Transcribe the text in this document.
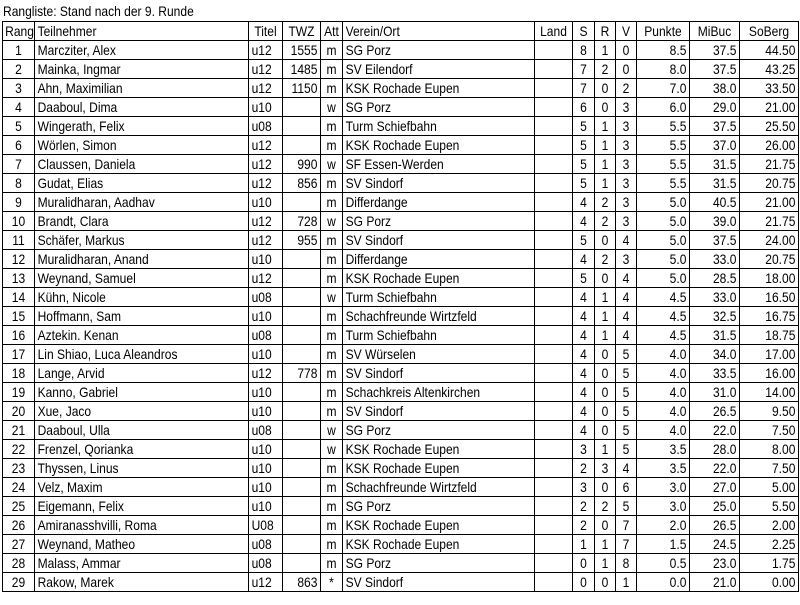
Rangliste: Stand nach der 9. Runde
Rang	Teilnehmer	Titel	TWZ	Att	Verein/Ort	Land	S	R	V	Punkte	MiBuc	SoBerg

1	Marcziter, Alex	u12	1555	m	SG Porz		8	1	0	8.5	37.5	44.50

2	Mainka, Ingmar	u12	1485	m	SV Eilendorf		7	2	0	8.0	37.5	43.25

3	Ahn, Maximilian	u12	1150	m	KSK Rochade Eupen		7	0	2	7.0	38.0	33.50

4	Daaboul, Dima	u10		w	SG Porz		6	0	3	6.0	29.0	21.00

5	Wingerath, Felix	u08		m	Turm Schiefbahn		5	1	3	5.5	37.5	25.50

6	Wörlen, Simon	u12		m	KSK Rochade Eupen		5	1	3	5.5	37.0	26.00

7	Claussen, Daniela	u12	990	w	SF Essen-Werden		5	1	3	5.5	31.5	21.75

8	Gudat, Elias	u12	856	m	SV Sindorf		5	1	3	5.5	31.5	20.75

9	Muralidharan, Aadhav	u10		m	Differdange		4	2	3	5.0	40.5	21.00

10	Brandt, Clara	u12	728	w	SG Porz		4	2	3	5.0	39.0	21.75

11	Schäfer, Markus	u12	955	m	SV Sindorf		5	0	4	5.0	37.5	24.00

12	Muralidharan, Anand	u10		m	Differdange		4	2	3	5.0	33.0	20.75

13	Weynand, Samuel	u12		m	KSK Rochade Eupen		5	0	4	5.0	28.5	18.00

14	Kühn, Nicole	u08		w	Turm Schiefbahn		4	1	4	4.5	33.0	16.50

15	Hoffmann, Sam	u10		m	Schachfreunde Wirtzfeld		4	1	4	4.5	32.5	16.75

16	Aztekin. Kenan	u08		m	Turm Schiefbahn		4	1	4	4.5	31.5	18.75

17	Lin Shiao, Luca Aleandros	u10		m	SV Würselen		4	0	5	4.0	34.0	17.00

18	Lange, Arvid	u12	778	m	SV Sindorf		4	0	5	4.0	33.5	16.00

19	Kanno, Gabriel	u10		m	Schachkreis Altenkirchen		4	0	5	4.0	31.0	14.00

20	Xue, Jaco	u10		m	SV Sindorf		4	0	5	4.0	26.5	9.50

21	Daaboul, Ulla	u08		w	SG Porz		4	0	5	4.0	22.0	7.50

22	Frenzel, Qorianka	u10		w	KSK Rochade Eupen		3	1	5	3.5	28.0	8.00

23	Thyssen, Linus	u10		m	KSK Rochade Eupen		2	3	4	3.5	22.0	7.50

24	Velz, Maxim	u10		m	Schachfreunde Wirtzfeld		3	0	6	3.0	27.0	5.00

25	Eigemann, Felix	u10		m	SG Porz		2	2	5	3.0	25.0	5.50

26	Amiranasshvilli, Roma	U08		m	KSK Rochade Eupen		2	0	7	2.0	26.5	2.00

27	Weynand, Matheo	u08		m	KSK Rochade Eupen		1	1	7	1.5	24.5	2.25

28	Malass, Ammar	u08		m	SG Porz		0	1	8	0.5	23.0	1.75

29	Rakow, Marek	u12	863	*	SV Sindorf		0	0	1	0.0	21.0	0.00
